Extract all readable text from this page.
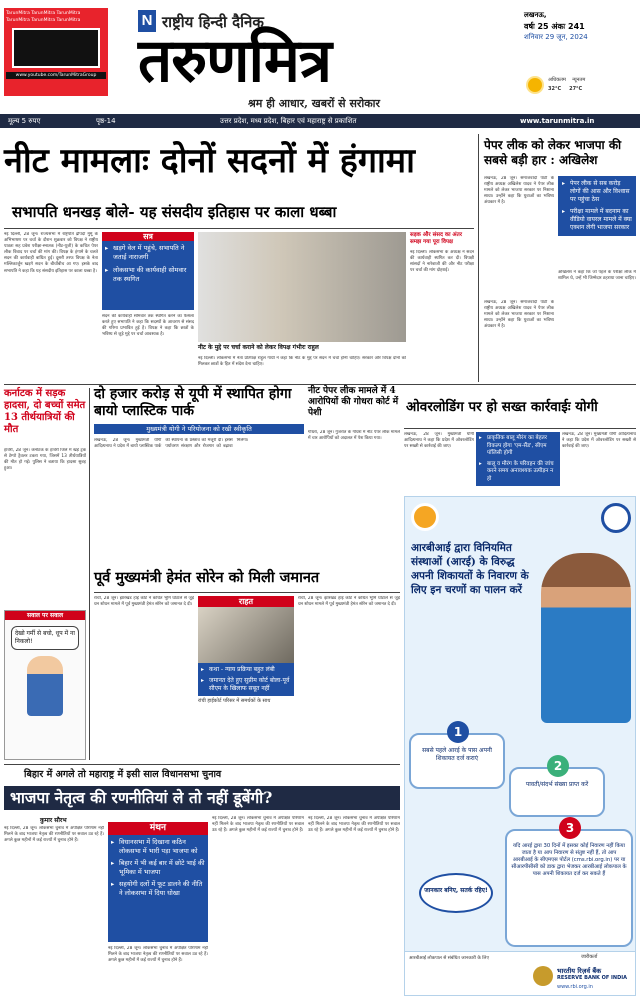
TarunMitra TarunMitra TarunMitra
TarunMitra TarunMitra TarunMitra
www.youtube.com/TarunMitraGroup
N राष्ट्रीय हिन्दी दैनिक
तरुणमित्र
श्रम ही आधार, खबरों से सरोकार
लखनऊ,
वर्षः 25 अंकः 241
शनिवार 29 जून, 2024
अधिकतम न्यूनतम
32°C 27°C
मूल्य 5 रुपए	पृष्ठ-14	उत्तर प्रदेश, मध्य प्रदेश, बिहार एवं महाराष्ट्र से प्रकाशित	www.tarunmitra.in
नीट मामलाः दोनों सदनों में हंगामा
सभापति धनखड़ बोले- यह संसदीय इतिहास पर काला धब्बा
नई दिल्ली, 28 जून। राज्यसभा में राष्ट्रपति द्रौपदी मुर्मू के अभिभाषण पर चर्चा के दौरान शुक्रवार को विपक्ष ने राष्ट्रीय पात्रता सह प्रवेश परीक्षा-स्नातक (नीट-यूजी) के कथित पेपर लीक विवाद पर चर्चा की मांग की। विपक्ष के हंगामे के चलते सदन की कार्यवाही बाधित हुई। दूसरी तरफ विपक्ष के नेता मल्लिकार्जुन खड़गे सदन के बीचोंबीच आ गए। इसके बाद सभापति ने कहा कि यह संसदीय इतिहास पर काला धब्बा है।
सत्र
▸ खड़गे वेल में पहुंचे, सभापति ने जताई नाराजगी
▸ लोकसभा की कार्यवाही सोमवार तक स्थगित
सदन की कार्यवाही सोमवार तक स्थगित करने का फैसला करते हुए सभापति ने कहा कि सदस्यों के आचरण से संसद की गरिमा प्रभावित हुई है। विपक्ष ने कहा कि छात्रों के भविष्य से जुड़े मुद्दे पर चर्चा आवश्यक है।
नीट के मुद्दे पर चर्चा कराने को लेकर विपक्ष गंभीरः राहुल
नई दिल्ली। लोकसभा में नेता प्रतिपक्ष राहुल गांधी ने कहा कि नीट के मुद्दे पर सदन में चर्चा होनी चाहिए। सरकार और विपक्ष दोनों को मिलकर छात्रों के हित में संदेश देना चाहिए।
सड़क और संसद का अंतर समझ गया पूरा विपक्ष
नई दिल्ली। लोकसभा के अध्यक्ष ने सदन की कार्यवाही स्थगित कर दी। विपक्षी सांसदों ने नारेबाजी की और नीट परीक्षा पर चर्चा की मांग दोहराई।
पेपर लीक को लेकर भाजपा की सबसे बड़ी हार : अखिलेश
लखनऊ, 28 जून। समाजवादी पार्टी के राष्ट्रीय अध्यक्ष अखिलेश यादव ने पेपर लीक मामले को लेकर भाजपा सरकार पर निशाना साधा। उन्होंने कहा कि युवाओं का भविष्य अंधकार में है।
▸ पेपर लीक से सब करोड़ लोगों की आस और विश्वास पर पहुंचा ठेस
▸ परीक्षा मामले में बदनाम का वीडियो वायरल मामले में क्या एक्शन लेगी भाजपा सरकार
अखिलेश ने कहा कि जो पहले के परीक्षा लीक में शामिल थे, उन्हें भी जिम्मेदार ठहराया जाना चाहिए।
लखनऊ, 28 जून। समाजवादी पार्टी के राष्ट्रीय अध्यक्ष अखिलेश यादव ने पेपर लीक मामले को लेकर भाजपा सरकार पर निशाना साधा। उन्होंने कहा कि युवाओं का भविष्य अंधकार में है।
कर्नाटक में सड़क हादसा, दो बच्चों समेत 13 तीर्थयात्रियों की मौत
हावेरी, 28 जून। कर्नाटक के हावेरी जिले में खड़े ट्रक से टेम्पो ट्रैवलर टकरा गया, जिसमें 13 तीर्थयात्रियों की मौत हो गई। पुलिस ने बताया कि हादसा सुबह हुआ।
सवाल पर सवाल
देखो गर्मी से बचो, धूप में ना निकलो!
दो हजार करोड़ से यूपी में स्थापित होगा बायो प्लास्टिक पार्क
मुख्यमंत्री योगी ने परियोजना को रखी स्वीकृति
लखनऊ, 28 जून। मुख्यमंत्री योगी आदित्यनाथ ने प्रदेश में बायो प्लास्टिक पार्क की स्थापना के प्रस्ताव को मंजूरी दी। इससे पर्यावरण संरक्षण और रोजगार को बढ़ावा मिलेगा।
नीट पेपर लीक मामले में 4 आरोपियों की गोधरा कोर्ट में पेशी
गोधरा, 28 जून। गुजरात के गोधरा में नीट पेपर लीक मामले में चार आरोपियों को अदालत में पेश किया गया।
ओवरलोडिंग पर हो सख्त कार्रवाईः योगी
लखनऊ, 28 जून। मुख्यमंत्री योगी आदित्यनाथ ने कहा कि प्रदेश में ओवरलोडिंग पर सख्ती से कार्रवाई की जाए।
▸ प्राकृतिक बालू मौरंग का बेहतर विकल्प होगा 'एम-सैंड', सीएम पॉलिसी होगी
▸ बालू व मौरंग के परिवहन की जांच करने समय अनावश्यक उत्पीड़न न हो
लखनऊ, 28 जून। मुख्यमंत्री योगी आदित्यनाथ ने कहा कि प्रदेश में ओवरलोडिंग पर सख्ती से कार्रवाई की जाए।
पूर्व मुख्यमंत्री हेमंत सोरेन को मिली जमानत
रांची, 28 जून। झारखंड हाई कोर्ट ने कथित भूमि घोटाले से जुड़े धन शोधन मामले में पूर्व मुख्यमंत्री हेमंत सोरेन को जमानत दे दी।	राहत
▸ कथा - न्याय प्रक्रिया बहुत लंबी
▸ जमानत देते हुए सुप्रीम कोर्ट बोला-पूर्व सीएम के खिलाफ सबूत नहीं
रांची हाईकोर्ट परिसर में समर्थकों के साथ
रांची, 28 जून। झारखंड हाई कोर्ट ने कथित भूमि घोटाले से जुड़े धन शोधन मामले में पूर्व मुख्यमंत्री हेमंत सोरेन को जमानत दे दी।
आरबीआई द्वारा विनियमित संस्थाओं (आरई) के विरुद्ध अपनी शिकायतों के निवारण के लिए इन चरणों का पालन करें
1
सबसे पहले आरई के पास अपनी शिकायत दर्ज कराएं
2
पावती/संदर्भ संख्या प्राप्त करें
3
यदि आरई द्वारा 30 दिनों में इसका कोई निवारण नहीं किया जाता है या आप निवारण से संतुष्ट नहीं हैं, तो आप आरबीआई के सीएमएस पोर्टल (cms.rbi.org.in) पर या सीआरपीसीसी को डाक द्वारा भेजकर आरबीआई लोकपाल के पास अपनी शिकायत दर्ज कर सकते हैं
जानकार बनिए, सतर्क रहिए!
आरबीआई लोकपाल से संबंधित जानकारी के लिए	जारीकर्ता
भारतीय रिज़र्व बैंक
RESERVE BANK OF INDIA
www.rbi.org.in
बिहार में अगले तो महाराष्ट्र में इसी साल विधानसभा चुनाव
भाजपा नेतृत्व की रणनीतियां ले तो नहीं डूबेंगी?
कुमार सौरभ
नई दिल्ली, 28 जून। लोकसभा चुनाव में अपेक्षित परिणाम नहीं मिलने के बाद भाजपा नेतृत्व की रणनीतियों पर सवाल उठ रहे हैं। अगले कुछ महीनों में कई राज्यों में चुनाव होने हैं।
मंथन
▸ विधानसभा में दिखाना कठिन लोकसभा में भारी पड़ा भाजपा को
▸ बिहार में भी कई बार में छोटे भाई की भूमिका में भाजपा
▸ सहयोगी दलों में फूट डालने की नीति ने लोकसभा में दिया धोखा
नई दिल्ली, 28 जून। लोकसभा चुनाव में अपेक्षित परिणाम नहीं मिलने के बाद भाजपा नेतृत्व की रणनीतियों पर सवाल उठ रहे हैं। अगले कुछ महीनों में कई राज्यों में चुनाव होने हैं।
नई दिल्ली, 28 जून। लोकसभा चुनाव में अपेक्षित परिणाम नहीं मिलने के बाद भाजपा नेतृत्व की रणनीतियों पर सवाल उठ रहे हैं। अगले कुछ महीनों में कई राज्यों में चुनाव होने हैं।
नई दिल्ली, 28 जून। लोकसभा चुनाव में अपेक्षित परिणाम नहीं मिलने के बाद भाजपा नेतृत्व की रणनीतियों पर सवाल उठ रहे हैं। अगले कुछ महीनों में कई राज्यों में चुनाव होने हैं।
